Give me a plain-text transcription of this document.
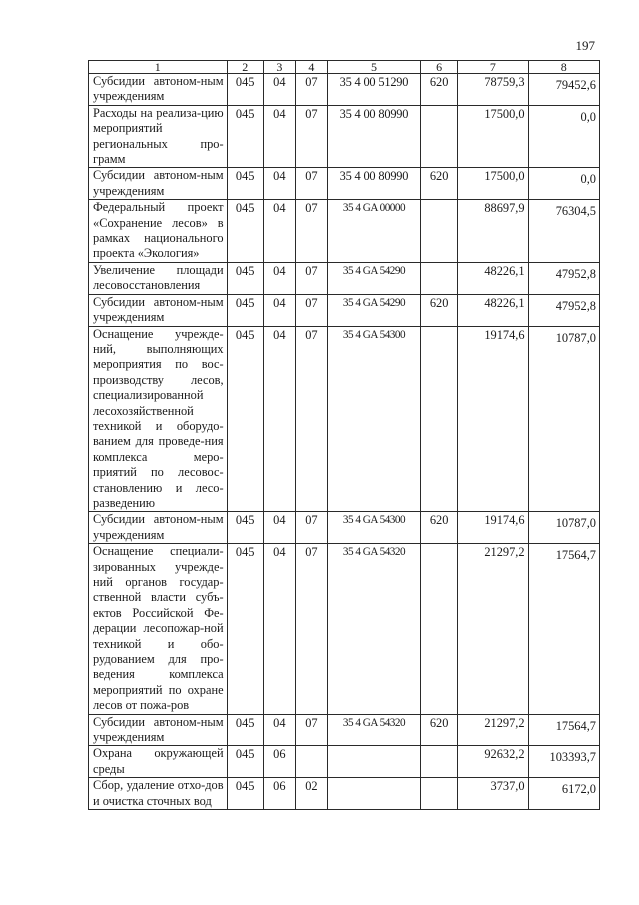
197
1	2	3	4	5	6	7	8
Субсидии автоном-ным учреждениям	045	04	07	35 4 00 51290	620	78759,3	79452,6
Расходы на реализа-цию мероприятий региональных про-грамм	045	04	07	35 4 00 80990		17500,0	0,0
Субсидии автоном-ным учреждениям	045	04	07	35 4 00 80990	620	17500,0	0,0
Федеральный проект «Сохранение лесов» в рамках национального проекта «Экология»	045	04	07	35 4 GA 00000		88697,9	76304,5
Увеличение площади лесовосстановления	045	04	07	35 4 GA 54290		48226,1	47952,8
Субсидии автоном-ным учреждениям	045	04	07	35 4 GA 54290	620	48226,1	47952,8
Оснащение учрежде-ний, выполняющих мероприятия по вос-производству лесов, специализированной лесохозяйственной техникой и оборудо-ванием для проведе-ния комплекса меро-приятий по лесовос-становлению и лесо-разведению	045	04	07	35 4 GA 54300		19174,6	10787,0
Субсидии автоном-ным учреждениям	045	04	07	35 4 GA 54300	620	19174,6	10787,0
Оснащение специали-зированных учрежде-ний органов государ-ственной власти субъ-ектов Российской Фе-дерации лесопожар-ной техникой и обо-рудованием для про-ведения комплекса мероприятий по охране лесов от пожа-ров	045	04	07	35 4 GA 54320		21297,2	17564,7
Субсидии автоном-ным учреждениям	045	04	07	35 4 GA 54320	620	21297,2	17564,7
Охрана окружающей среды	045	06				92632,2	103393,7
Сбор, удаление отхо-дов и очистка сточных вод	045	06	02			3737,0	6172,0
